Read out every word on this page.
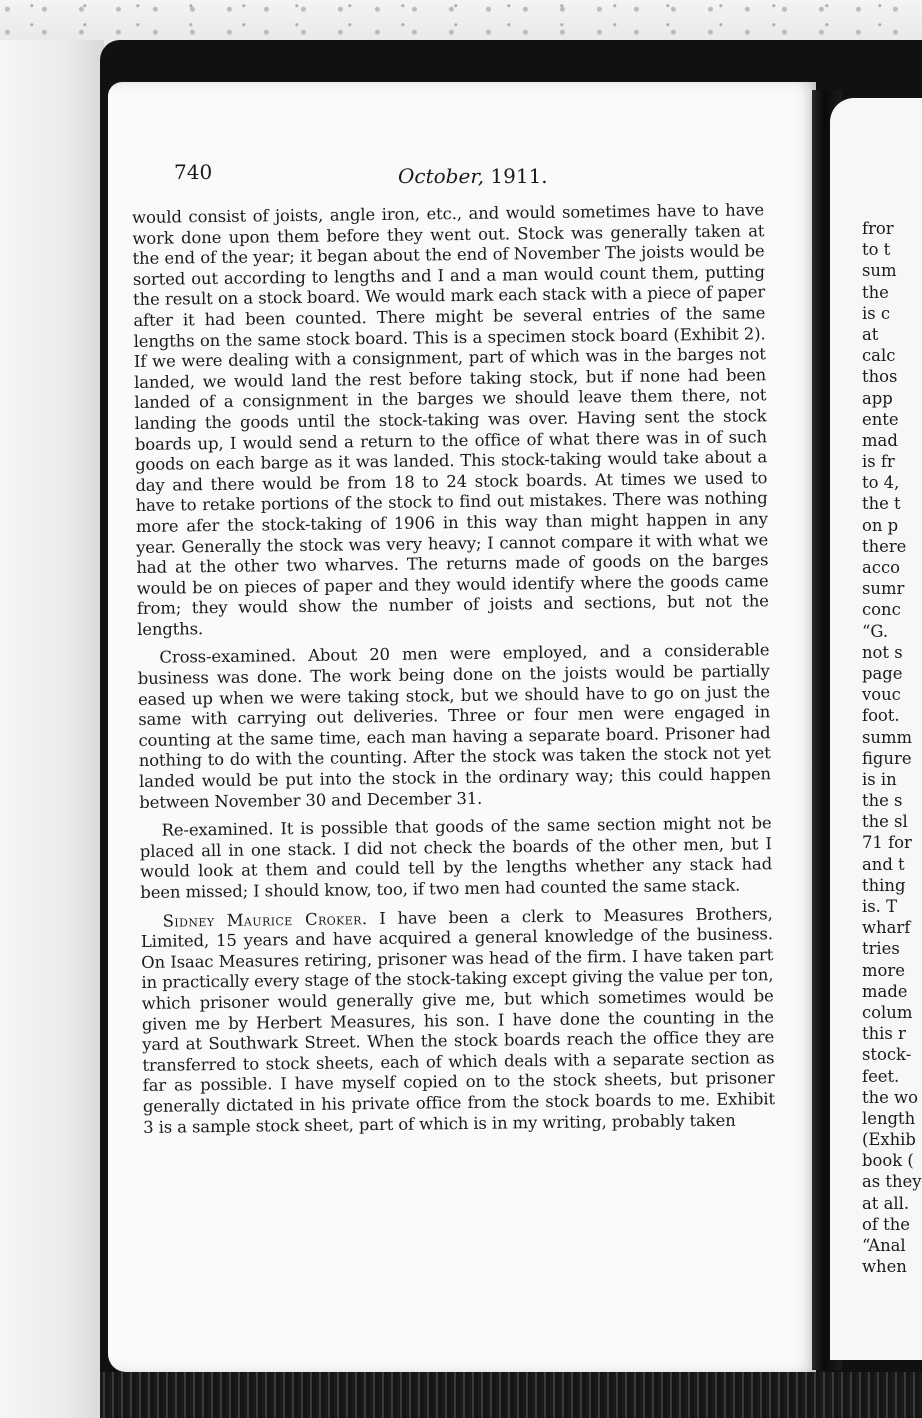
740	October, 1911.

would consist of joists, angle iron, etc., and would sometimes have to have work done upon them before they went out. Stock was generally taken at the end of the year; it began about the end of November The joists would be sorted out according to lengths and I and a man would count them, putting the result on a stock board. We would mark each stack with a piece of paper after it had been counted. There might be several entries of the same lengths on the same stock board. This is a specimen stock board (Exhibit 2). If we were dealing with a consignment, part of which was in the barges not landed, we would land the rest before taking stock, but if none had been landed of a consignment in the barges we should leave them there, not landing the goods until the stock-taking was over. Having sent the stock boards up, I would send a return to the office of what there was in of such goods on each barge as it was landed. This stock-taking would take about a day and there would be from 18 to 24 stock boards. At times we used to have to retake portions of the stock to find out mistakes. There was nothing more afer the stock-taking of 1906 in this way than might happen in any year. Generally the stock was very heavy; I cannot compare it with what we had at the other two wharves. The returns made of goods on the barges would be on pieces of paper and they would identify where the goods came from; they would show the number of joists and sections, but not the lengths.

Cross-examined. About 20 men were employed, and a considerable business was done. The work being done on the joists would be partially eased up when we were taking stock, but we should have to go on just the same with carrying out deliveries. Three or four men were engaged in counting at the same time, each man having a separate board. Prisoner had nothing to do with the counting. After the stock was taken the stock not yet landed would be put into the stock in the ordinary way; this could happen between November 30 and December 31.

Re-examined. It is possible that goods of the same section might not be placed all in one stack. I did not check the boards of the other men, but I would look at them and could tell by the lengths whether any stack had been missed; I should know, too, if two men had counted the same stack.

Sidney Maurice Croker. I have been a clerk to Measures Brothers, Limited, 15 years and have acquired a general knowledge of the business. On Isaac Measures retiring, prisoner was head of the firm. I have taken part in practically every stage of the stock-taking except giving the value per ton, which prisoner would generally give me, but which sometimes would be given me by Herbert Measures, his son. I have done the counting in the yard at Southwark Street. When the stock boards reach the office they are transferred to stock sheets, each of which deals with a separate section as far as possible. I have myself copied on to the stock sheets, but prisoner generally dictated in his private office from the stock boards to me. Exhibit 3 is a sample stock sheet, part of which is in my writing, probably taken

fror
to t
sum
the
is c
at
calc
thos
app
ente
mad
is fr
to 4,
the t
on p
there
acco
sumr
conc
“G.
not s
page
vouc
foot.
summ
figure
is in
the s
the sl
71 for
and t
thing
is. T
wharf
tries
more
made
colum
this r
stock-
feet.
the wo
length
(Exhib
book (
as they
at all.
of the
“Anal
when
